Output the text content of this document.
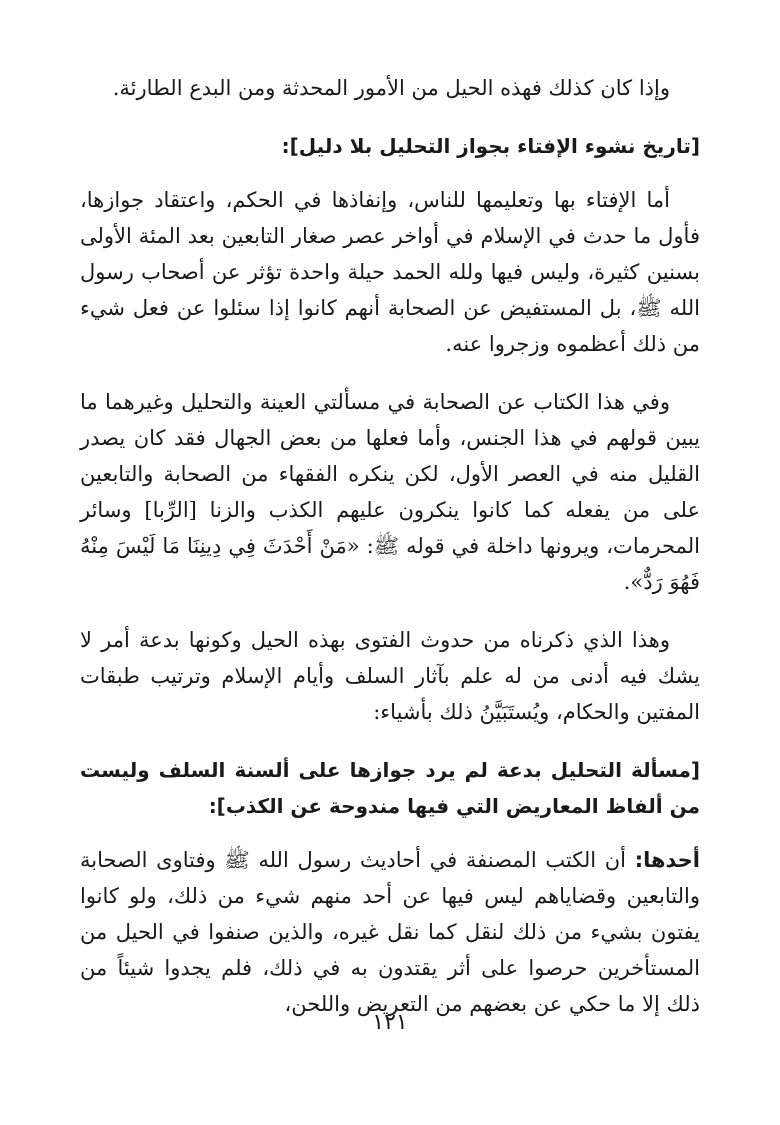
وإذا كان كذلك فهذه الحيل من الأمور المحدثة ومن البدع الطارئة.

[تاريخ نشوء الإفتاء بجواز التحليل بلا دليل]:

أما الإفتاء بها وتعليمها للناس، وإنفاذها في الحكم، واعتقاد جوازها، فأول ما حدث في الإسلام في أواخر عصر صغار التابعين بعد المئة الأولى بسنين كثيرة، وليس فيها ولله الحمد حيلة واحدة تؤثر عن أصحاب رسول الله ﷺ، بل المستفيض عن الصحابة أنهم كانوا إذا سئلوا عن فعل شيء من ذلك أعظموه وزجروا عنه.

وفي هذا الكتاب عن الصحابة في مسألتي العينة والتحليل وغيرهما ما يبين قولهم في هذا الجنس، وأما فعلها من بعض الجهال فقد كان يصدر القليل منه في العصر الأول، لكن ينكره الفقهاء من الصحابة والتابعين على من يفعله كما كانوا ينكرون عليهم الكذب والزنا [الرِّبا] وسائر المحرمات، ويرونها داخلة في قوله ﷺ: «مَنْ أَحْدَثَ فِي دِينِنَا مَا لَيْسَ مِنْهُ فَهُوَ رَدٌّ».

وهذا الذي ذكرناه من حدوث الفتوى بهذه الحيل وكونها بدعة أمر لا يشك فيه أدنى من له علم بآثار السلف وأيام الإسلام وترتيب طبقات المفتين والحكام، ويُستَبَيَّنُ ذلك بأشياء:

[مسألة التحليل بدعة لم يرد جوازها على ألسنة السلف وليست من ألفاظ المعاريض التي فيها مندوحة عن الكذب]:

أحدها: أن الكتب المصنفة في أحاديث رسول الله ﷺ وفتاوى الصحابة والتابعين وقضاياهم ليس فيها عن أحد منهم شيء من ذلك، ولو كانوا يفتون بشيء من ذلك لنقل كما نقل غيره، والذين صنفوا في الحيل من المستأخرين حرصوا على أثر يقتدون به في ذلك، فلم يجدوا شيئاً من ذلك إلا ما حكي عن بعضهم من التعريض واللحن،

١٢١
